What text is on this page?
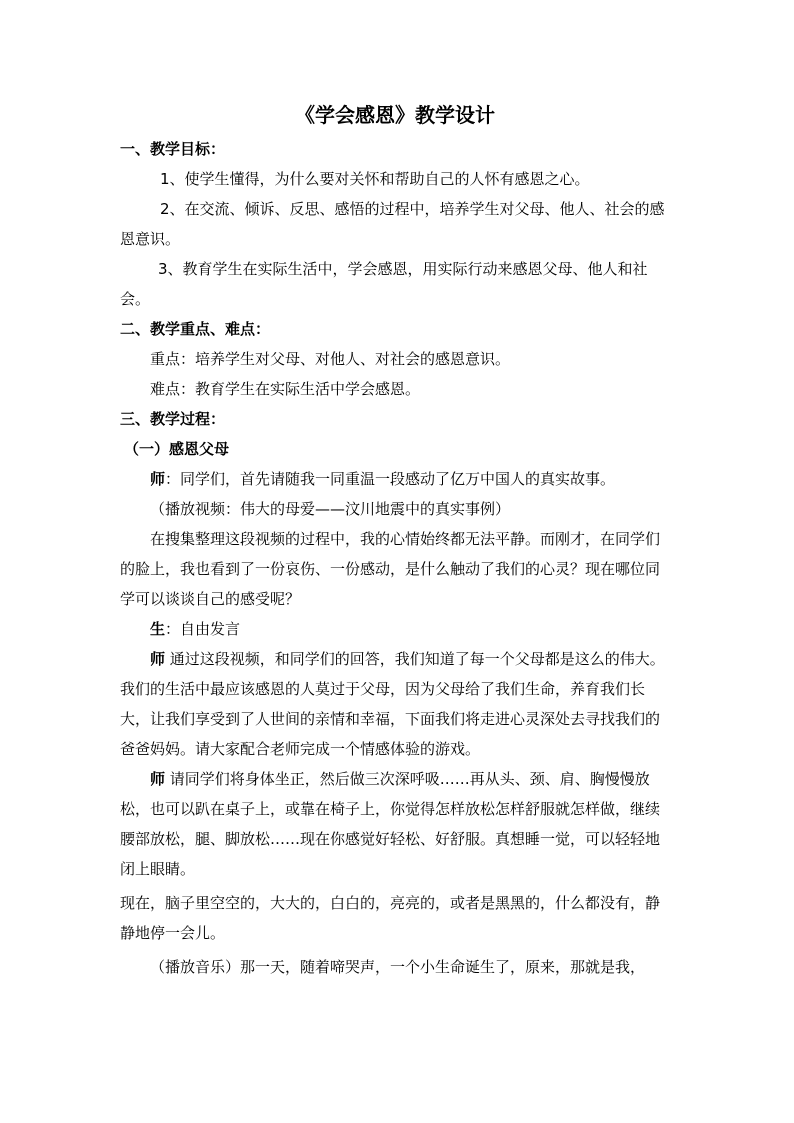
《学会感恩》教学设计

一、教学目标：

1、使学生懂得，为什么要对关怀和帮助自己的人怀有感恩之心。

2、在交流、倾诉、反思、感悟的过程中，培养学生对父母、他人、社会的感恩意识。

3、教育学生在实际生活中，学会感恩，用实际行动来感恩父母、他人和社会。

二、教学重点、难点：

重点：培养学生对父母、对他人、对社会的感恩意识。

难点：教育学生在实际生活中学会感恩。

三、教学过程：

（一）感恩父母

师：同学们，首先请随我一同重温一段感动了亿万中国人的真实故事。

（播放视频：伟大的母爱——汶川地震中的真实事例）

在搜集整理这段视频的过程中，我的心情始终都无法平静。而刚才，在同学们的脸上，我也看到了一份哀伤、一份感动，是什么触动了我们的心灵？现在哪位同学可以谈谈自己的感受呢？

生：自由发言

师 通过这段视频，和同学们的回答，我们知道了每一个父母都是这么的伟大。我们的生活中最应该感恩的人莫过于父母，因为父母给了我们生命，养育我们长大，让我们享受到了人世间的亲情和幸福，下面我们将走进心灵深处去寻找我们的爸爸妈妈。请大家配合老师完成一个情感体验的游戏。

师 请同学们将身体坐正，然后做三次深呼吸……再从头、颈、肩、胸慢慢放松，也可以趴在桌子上，或靠在椅子上，你觉得怎样放松怎样舒服就怎样做，继续腰部放松，腿、脚放松……现在你感觉好轻松、好舒服。真想睡一觉，可以轻轻地闭上眼睛。

现在，脑子里空空的，大大的，白白的，亮亮的，或者是黑黑的，什么都没有，静静地停一会儿。

（播放音乐）那一天，随着啼哭声，一个小生命诞生了，原来，那就是我，
